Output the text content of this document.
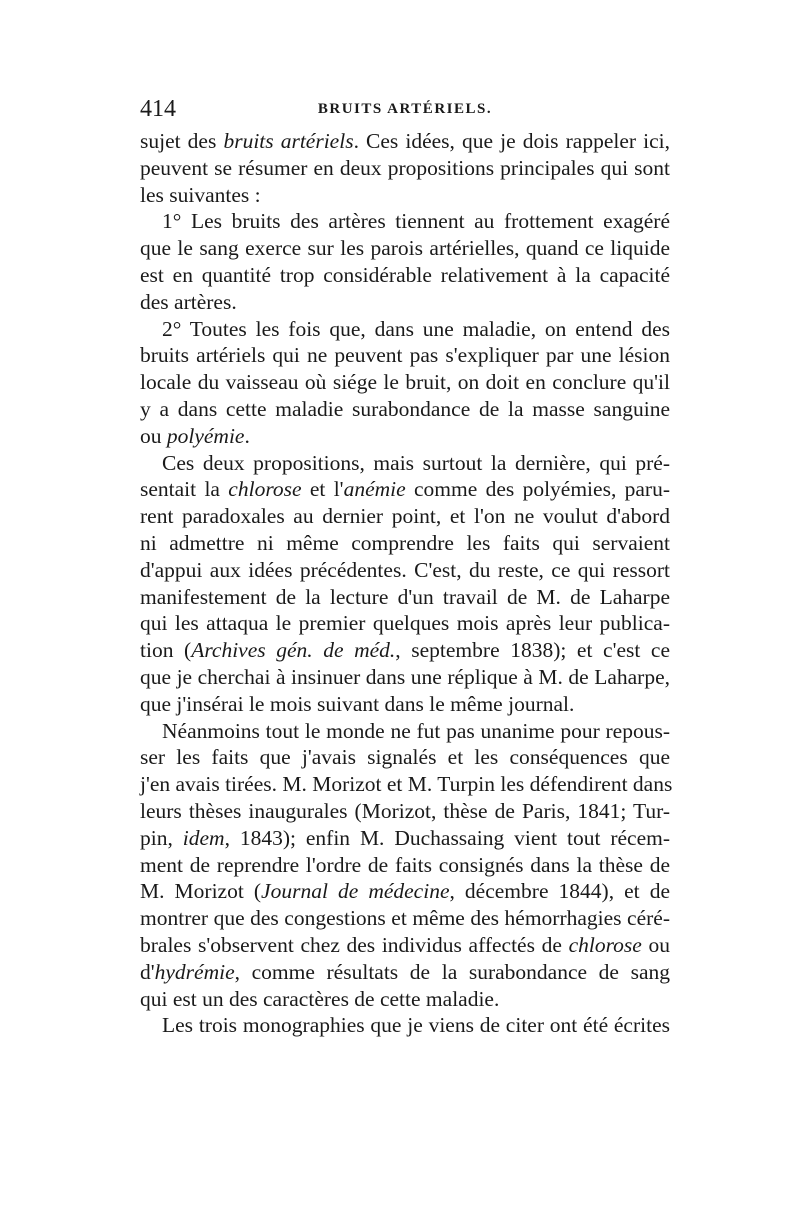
414	BRUITS ARTÉRIELS.
sujet des bruits artériels. Ces idées, que je dois rappeler ici,
peuvent se résumer en deux propositions principales qui sont
les suivantes :
1° Les bruits des artères tiennent au frottement exagéré
que le sang exerce sur les parois artérielles, quand ce liquide
est en quantité trop considérable relativement à la capacité
des artères.
2° Toutes les fois que, dans une maladie, on entend des
bruits artériels qui ne peuvent pas s'expliquer par une lésion
locale du vaisseau où siége le bruit, on doit en conclure qu'il
y a dans cette maladie surabondance de la masse sanguine
ou polyémie.
Ces deux propositions, mais surtout la dernière, qui pré-
sentait la chlorose et l'anémie comme des polyémies, paru-
rent paradoxales au dernier point, et l'on ne voulut d'abord
ni admettre ni même comprendre les faits qui servaient
d'appui aux idées précédentes. C'est, du reste, ce qui ressort
manifestement de la lecture d'un travail de M. de Laharpe
qui les attaqua le premier quelques mois après leur publica-
tion (Archives gén. de méd., septembre 1838); et c'est ce
que je cherchai à insinuer dans une réplique à M. de Laharpe,
que j'insérai le mois suivant dans le même journal.
Néanmoins tout le monde ne fut pas unanime pour repous-
ser les faits que j'avais signalés et les conséquences que
j'en avais tirées. M. Morizot et M. Turpin les défendirent dans
leurs thèses inaugurales (Morizot, thèse de Paris, 1841; Tur-
pin, idem, 1843); enfin M. Duchassaing vient tout récem-
ment de reprendre l'ordre de faits consignés dans la thèse de
M. Morizot (Journal de médecine, décembre 1844), et de
montrer que des congestions et même des hémorrhagies céré-
brales s'observent chez des individus affectés de chlorose ou
d'hydrémie, comme résultats de la surabondance de sang
qui est un des caractères de cette maladie.
Les trois monographies que je viens de citer ont été écrites
